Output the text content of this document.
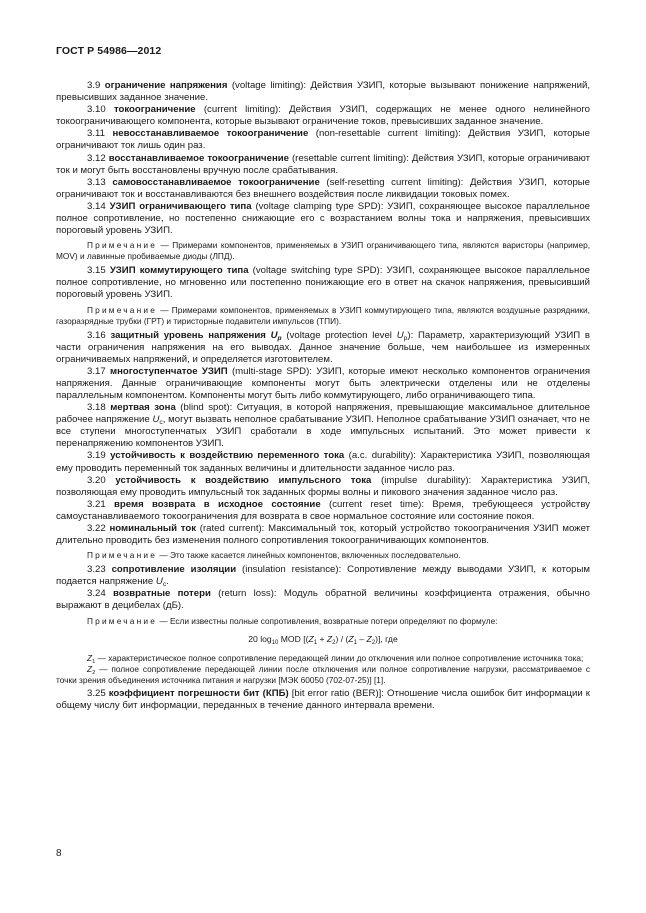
ГОСТ Р 54986—2012

3.9 ограничение напряжения (voltage limiting): Действия УЗИП, которые вызывают понижение напряжений, превысивших заданное значение.

3.10 токоограничение (current limiting): Действия УЗИП, содержащих не менее одного нелинейного токоограничивающего компонента, которые вызывают ограничение токов, превысивших заданное значение.

3.11 невосстанавливаемое токоограничение (non-resettable current limiting): Действия УЗИП, которые ограничивают ток лишь один раз.

3.12 восстанавливаемое токоограничение (resettable current limiting): Действия УЗИП, которые ограничивают ток и могут быть восстановлены вручную после срабатывания.

3.13 самовосстанавливаемое токоограничение (self-resetting current limiting): Действия УЗИП, которые ограничивают ток и восстанавливаются без внешнего воздействия после ликвидации токовых помех.

3.14 УЗИП ограничивающего типа (voltage clamping type SPD): УЗИП, сохраняющее высокое параллельное полное сопротивление, но постепенно снижающие его с возрастанием волны тока и напряжения, превысивших пороговый уровень УЗИП.

Примечание — Примерами компонентов, применяемых в УЗИП ограничивающего типа, являются варисторы (например, MOV) и лавинные пробиваемые диоды (ЛПД).

3.15 УЗИП коммутирующего типа (voltage switching type SPD): УЗИП, сохраняющее высокое параллельное полное сопротивление, но мгновенно или постепенно понижающие его в ответ на скачок напряжения, превысивший пороговый уровень УЗИП.

Примечание — Примерами компонентов, применяемых в УЗИП коммутирующего типа, являются воздушные разрядники, газоразрядные трубки (ГРТ) и тиристорные подавители импульсов (ТПИ).

3.16 защитный уровень напряжения $U_p$ (voltage protection level $U_p$): Параметр, характеризующий УЗИП в части ограничения напряжения на его выводах. Данное значение больше, чем наибольшее из измеренных ограничиваемых напряжений, и определяется изготовителем.

3.17 многоступенчатое УЗИП (multi-stage SPD): УЗИП, которые имеют несколько компонентов ограничения напряжения. Данные ограничивающие компоненты могут быть электрически отделены или не отделены параллельным компонентом. Компоненты могут быть либо коммутирующего, либо ограничивающего типа.

3.18 мертвая зона (blind spot): Ситуация, в которой напряжения, превышающие максимальное длительное рабочее напряжение $U_c$, могут вызвать неполное срабатывание УЗИП. Неполное срабатывание УЗИП означает, что не все ступени многоступенчатых УЗИП сработали в ходе импульсных испытаний. Это может привести к перенапряжению компонентов УЗИП.

3.19 устойчивость к воздействию переменного тока (a.c. durability): Характеристика УЗИП, позволяющая ему проводить переменный ток заданных величины и длительности заданное число раз.

3.20 устойчивость к воздействию импульсного тока (impulse durability): Характеристика УЗИП, позволяющая ему проводить импульсный ток заданных формы волны и пикового значения заданное число раз.

3.21 время возврата в исходное состояние (current reset time): Время, требующееся устройству самоустанавливаемого токоограничения для возврата в свое нормальное состояние или состояние покоя.

3.22 номинальный ток (rated current): Максимальный ток, который устройство токоограничения УЗИП может длительно проводить без изменения полного сопротивления токоограничивающих компонентов.

Примечание — Это также касается линейных компонентов, включенных последовательно.

3.23 сопротивление изоляции (insulation resistance): Сопротивление между выводами УЗИП, к которым подается напряжение $U_c$.

3.24 возвратные потери (return loss): Модуль обратной величины коэффициента отражения, обычно выражают в децибелах (дБ).

Примечание — Если известны полные сопротивления, возвратные потери определяют по формуле:

20 $\log_{10}$ MOD $[(Z_1 + Z_2) / (Z_1 - Z_2)]$, где

$Z_1$ — характеристическое полное сопротивление передающей линии до отключения или полное сопротивление источника тока;

$Z_2$ — полное сопротивление передающей линии после отключения или полное сопротивление нагрузки, рассматриваемое с точки зрения объединения источника питания и нагрузки [МЭК 60050 (702-07-25)] [1].

3.25 коэффициент погрешности бит (КПБ) [bit error ratio (BER)]: Отношение числа ошибок бит информации к общему числу бит информации, переданных в течение данного интервала времени.

8
